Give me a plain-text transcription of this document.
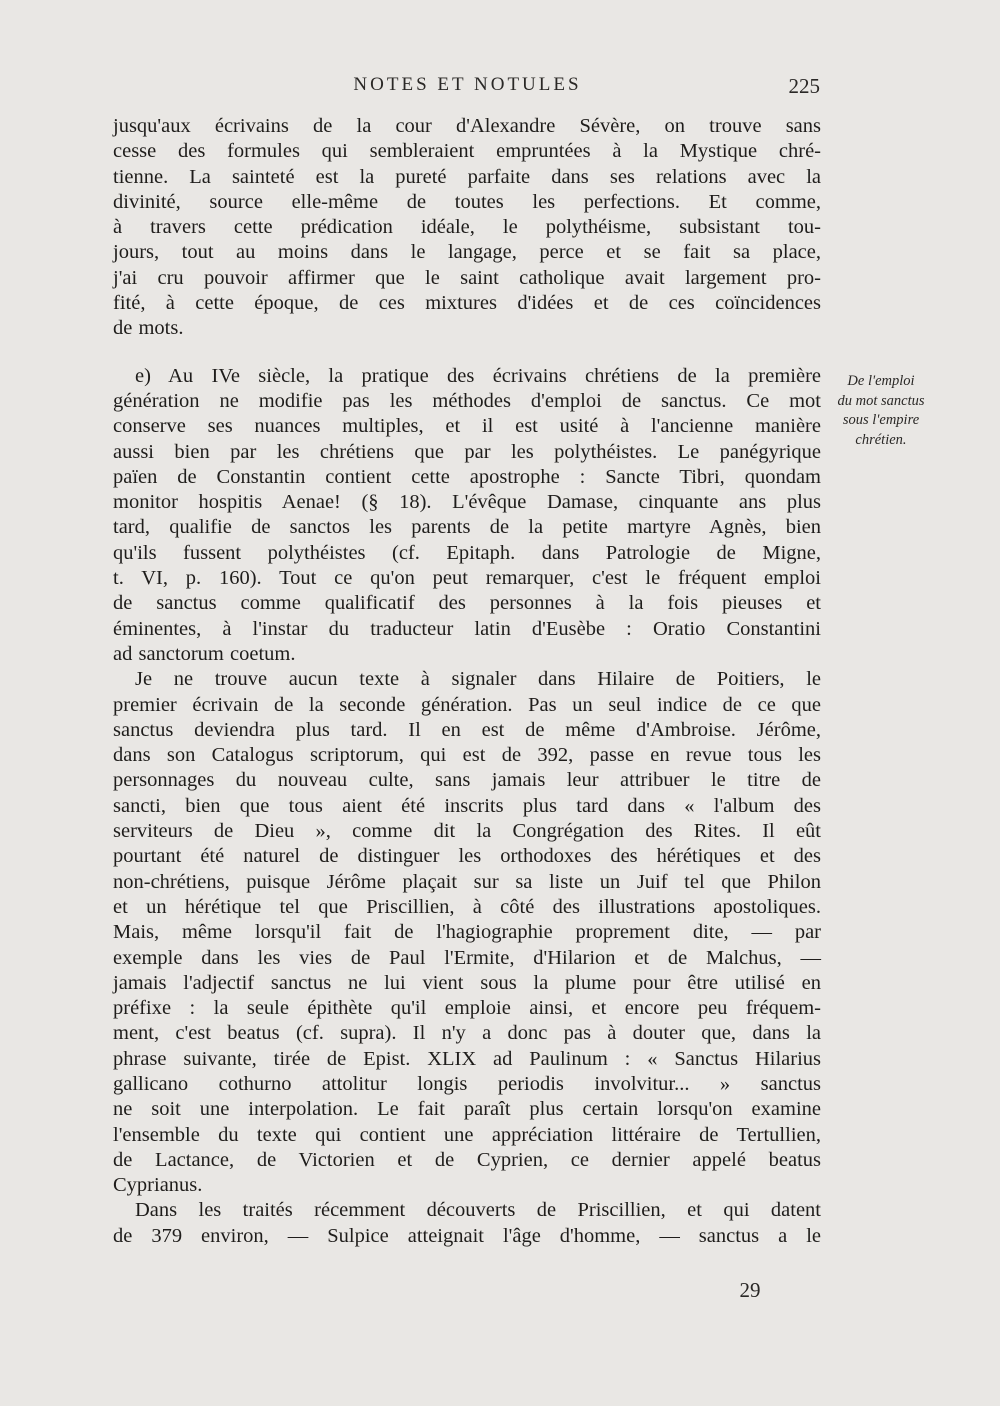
NOTES ET NOTULES	225
jusqu'aux écrivains de la cour d'Alexandre Sévère, on trouve sans
cesse des formules qui sembleraient empruntées à la Mystique chré-
tienne. La sainteté est la pureté parfaite dans ses relations avec la
divinité, source elle-même de toutes les perfections. Et comme,
à travers cette prédication idéale, le polythéisme, subsistant tou-
jours, tout au moins dans le langage, perce et se fait sa place,
j'ai cru pouvoir affirmer que le saint catholique avait largement pro-
fité, à cette époque, de ces mixtures d'idées et de ces coïncidences
de mots.
e) Au IVe siècle, la pratique des écrivains chrétiens de la première
génération ne modifie pas les méthodes d'emploi de sanctus. Ce mot
conserve ses nuances multiples, et il est usité à l'ancienne manière
aussi bien par les chrétiens que par les polythéistes. Le panégyrique
païen de Constantin contient cette apostrophe : Sancte Tibri, quondam
monitor hospitis Aenae! (§ 18). L'évêque Damase, cinquante ans plus
tard, qualifie de sanctos les parents de la petite martyre Agnès, bien
qu'ils fussent polythéistes (cf. Epitaph. dans Patrologie de Migne,
t. VI, p. 160). Tout ce qu'on peut remarquer, c'est le fréquent emploi
de sanctus comme qualificatif des personnes à la fois pieuses et
éminentes, à l'instar du traducteur latin d'Eusèbe : Oratio Constantini
ad sanctorum coetum.
Je ne trouve aucun texte à signaler dans Hilaire de Poitiers, le
premier écrivain de la seconde génération. Pas un seul indice de ce que
sanctus deviendra plus tard. Il en est de même d'Ambroise. Jérôme,
dans son Catalogus scriptorum, qui est de 392, passe en revue tous les
personnages du nouveau culte, sans jamais leur attribuer le titre de
sancti, bien que tous aient été inscrits plus tard dans « l'album des
serviteurs de Dieu », comme dit la Congrégation des Rites. Il eût
pourtant été naturel de distinguer les orthodoxes des hérétiques et des
non-chrétiens, puisque Jérôme plaçait sur sa liste un Juif tel que Philon
et un hérétique tel que Priscillien, à côté des illustrations apostoliques.
Mais, même lorsqu'il fait de l'hagiographie proprement dite, — par
exemple dans les vies de Paul l'Ermite, d'Hilarion et de Malchus, —
jamais l'adjectif sanctus ne lui vient sous la plume pour être utilisé en
préfixe : la seule épithète qu'il emploie ainsi, et encore peu fréquem-
ment, c'est beatus (cf. supra). Il n'y a donc pas à douter que, dans la
phrase suivante, tirée de Epist. XLIX ad Paulinum : « Sanctus Hilarius
gallicano cothurno attolitur longis periodis involvitur... » sanctus
ne soit une interpolation. Le fait paraît plus certain lorsqu'on examine
l'ensemble du texte qui contient une appréciation littéraire de Tertullien,
de Lactance, de Victorien et de Cyprien, ce dernier appelé beatus
Cyprianus.
Dans les traités récemment découverts de Priscillien, et qui datent
de 379 environ, — Sulpice atteignait l'âge d'homme, — sanctus a le
De l'emploi
du mot sanctus
sous l'empire
chrétien.
29
